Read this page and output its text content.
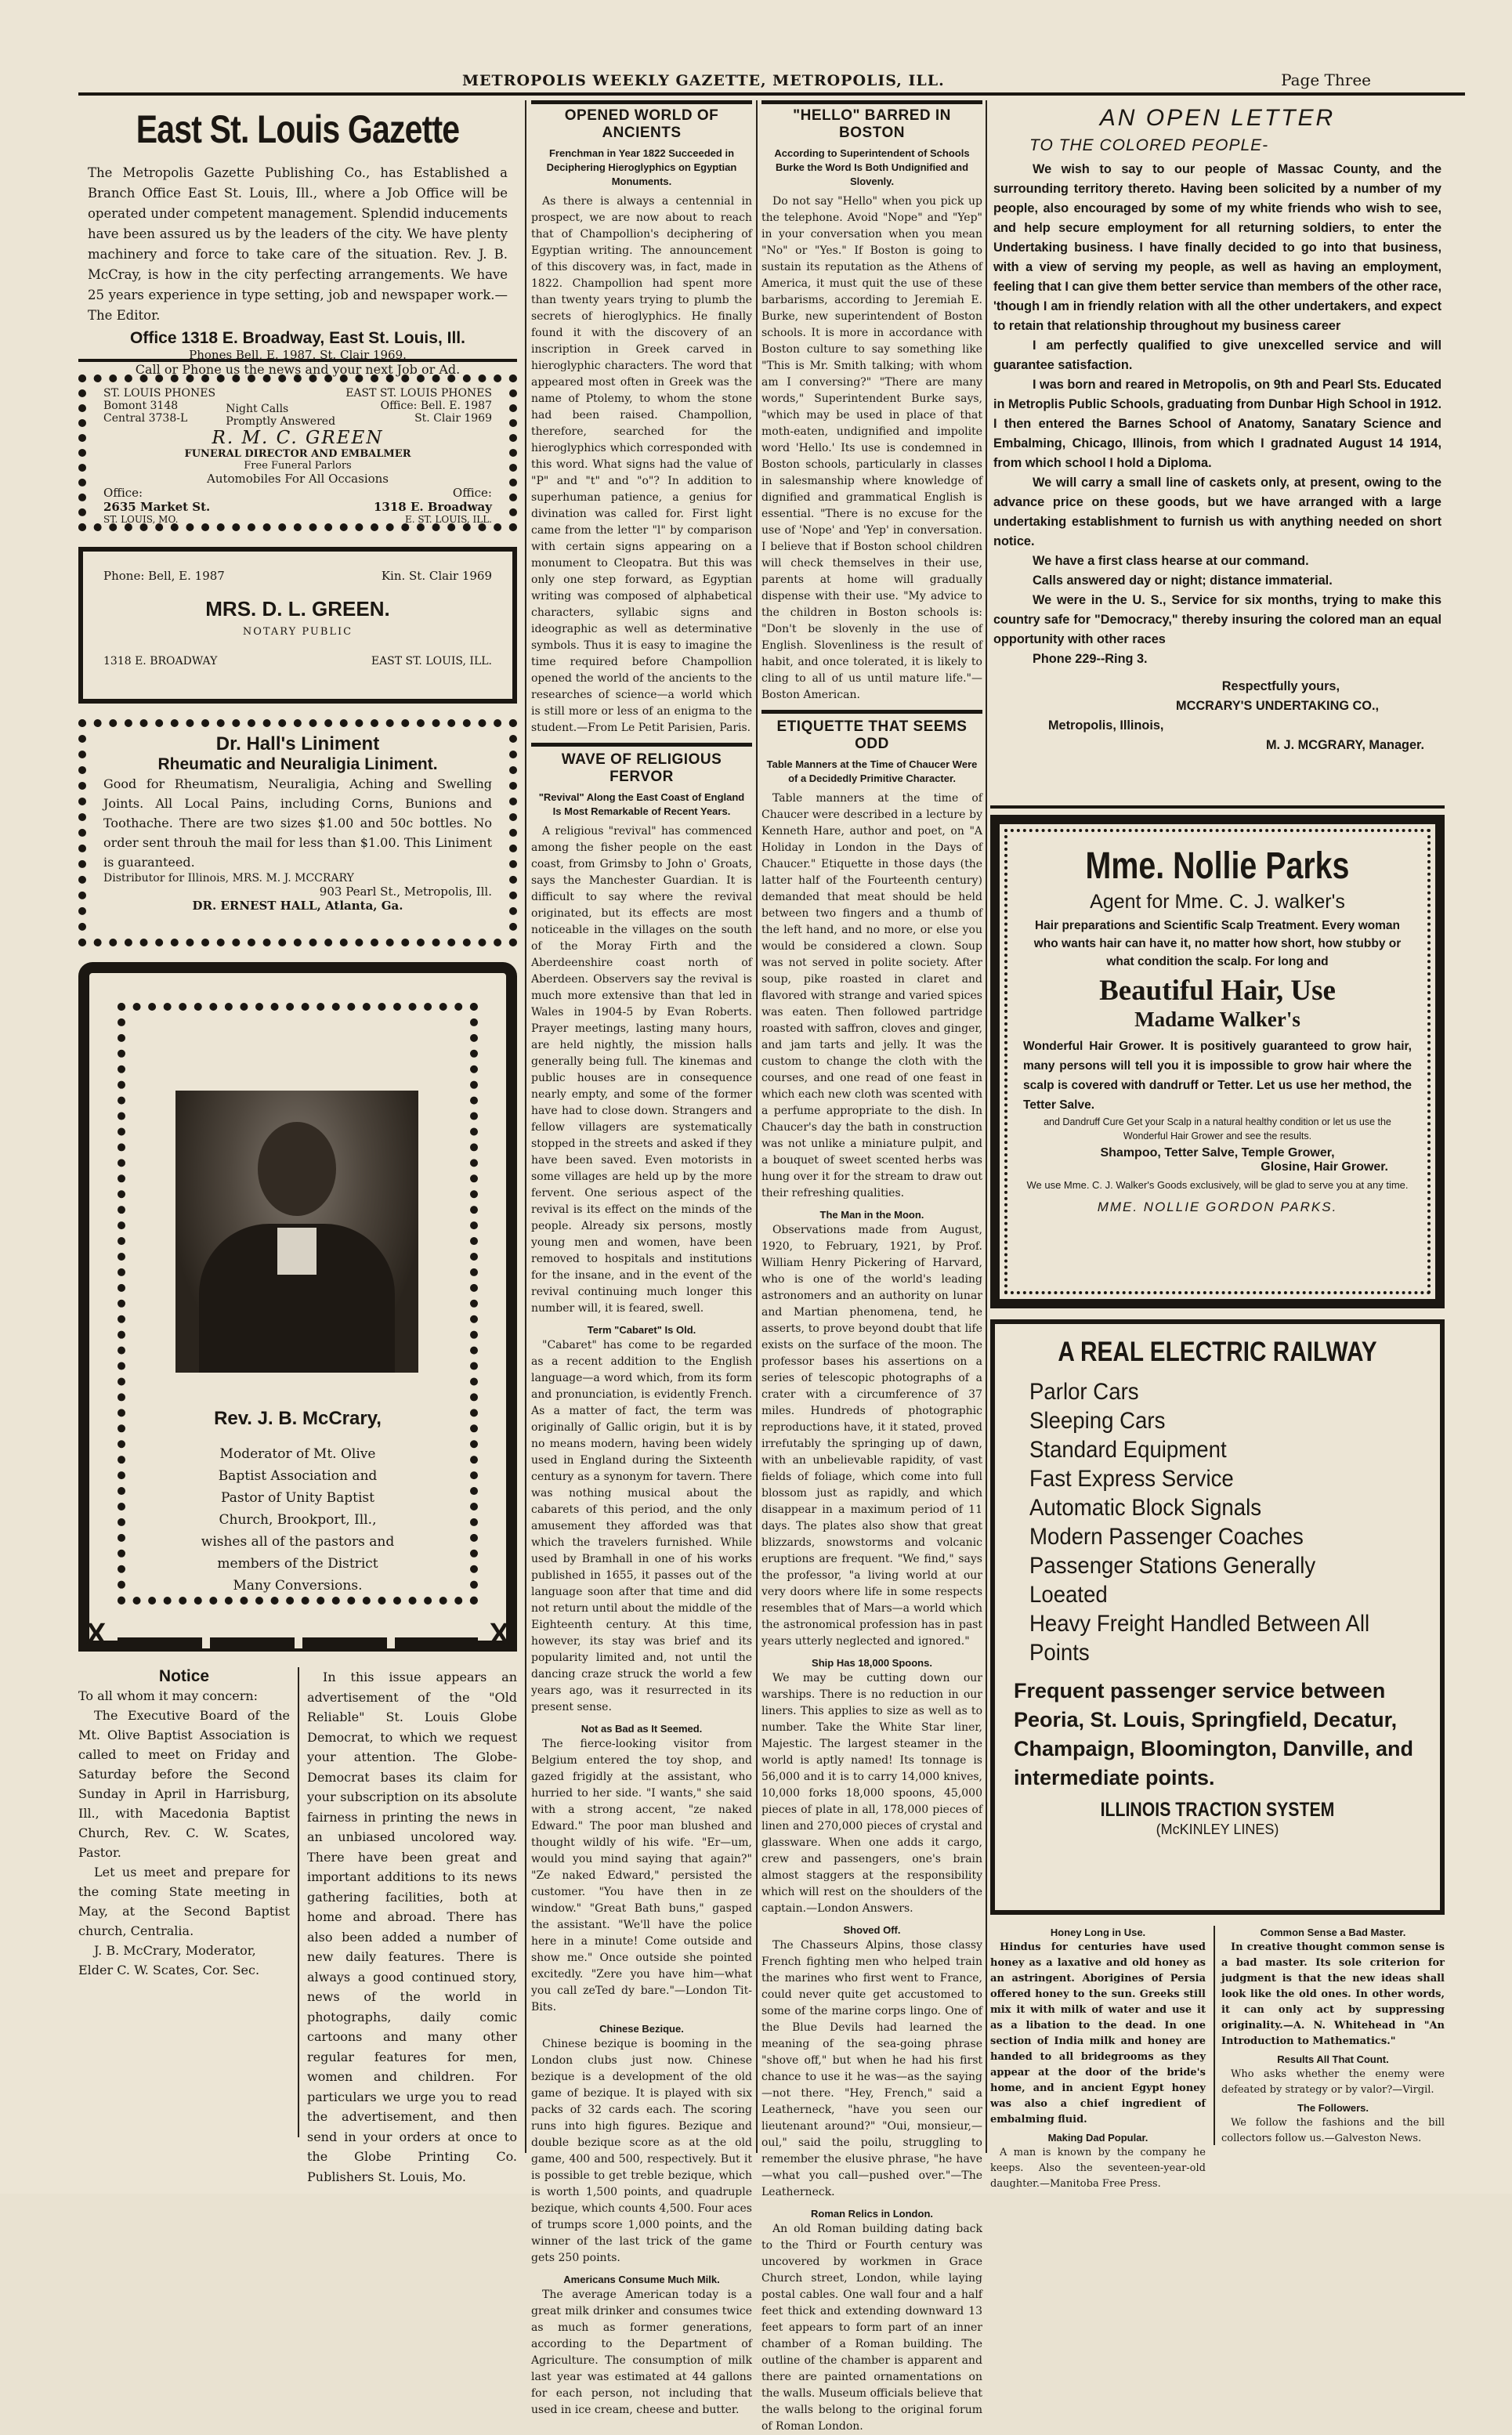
METROPOLIS WEEKLY GAZETTE, METROPOLIS, ILL.	Page Three
East St. Louis Gazette
The Metropolis Gazette Publishing Co., has Established a Branch Office East St. Louis, Ill., where a Job Office will be operated under competent management. Splendid inducements have been assured us by the leaders of the city. We have plenty machinery and force to take care of the situation. Rev. J. B. McCray, is how in the city perfecting arrangements. We have 25 years experience in type setting, job and newspaper work.—The Editor.
Office 1318 E. Broadway, East St. Louis, Ill.
Phones Bell, E. 1987. St. Clair 1969.
Call or Phone us the news and your next Job or Ad.
ST. LOUIS PHONES
Bomont 3148
Central 3738-L
Night Calls
Promptly Answered
EAST ST. LOUIS PHONES
Office: Bell. E. 1987
St. Clair 1969
R. M. C. GREEN
FUNERAL DIRECTOR AND EMBALMER
Free Funeral Parlors
Automobiles For All Occasions
Office:
2635 Market St.
ST. LOUIS, MO.
Office:
1318 E. Broadway
E. ST. LOUIS, ILL.
Phone: Bell, E. 1987	Kin. St. Clair 1969
MRS. D. L. GREEN.
NOTARY PUBLIC
1318 E. BROADWAY	EAST ST. LOUIS, ILL.
Dr. Hall's Liniment
Rheumatic and Neuraligia Liniment.
Good for Rheumatism, Neuraligia, Aching and Swelling Joints. All Local Pains, including Corns, Bunions and Toothache. There are two sizes $1.00 and 50c bottles. No order sent throuh the mail for less than $1.00. This Liniment is guaranteed.
Distributor for Illinois, MRS. M. J. MCCRARY
903 Pearl St., Metropolis, Ill.
DR. ERNEST HALL, Atlanta, Ga.
Rev. J. B. McCrary,
Moderator of Mt. Olive Baptist Association and Pastor of Unity Baptist Church, Brookport, Ill., wishes all of the pastors and members of the District Many Conversions.
X	X
Notice
To all whom it may concern:
The Executive Board of the Mt. Olive Baptist Association is called to meet on Friday and Saturday before the Second Sunday in April in Harrisburg, Ill., with Macedonia Baptist Church, Rev. C. W. Scates, Pastor.
Let us meet and prepare for the coming State meeting in May, at the Second Baptist church, Centralia.
J. B. McCrary, Moderator,
Elder C. W. Scates, Cor. Sec.
In this issue appears an advertisement of the "Old Reliable" St. Louis Globe Democrat, to which we request your attention. The Globe-Democrat bases its claim for your subscription on its absolute fairness in printing the news in an unbiased uncolored way. There have been great and important additions to its news gathering facilities, both at home and abroad. There has also been added a number of new daily features. There is always a good continued story, news of the world in photographs, daily comic cartoons and many other regular features for men, women and children. For particulars we urge you to read the advertisement, and then send in your orders at once to the Globe Printing Co. Publishers St. Louis, Mo.
OPENED WORLD OF ANCIENTS
Frenchman in Year 1822 Succeeded in Deciphering Hieroglyphics on Egyptian Monuments.
As there is always a centennial in prospect, we are now about to reach that of Champollion's deciphering of Egyptian writing. The announcement of this discovery was, in fact, made in 1822. Champollion had spent more than twenty years trying to plumb the secrets of hieroglyphics. He finally found it with the discovery of an inscription in Greek carved in hieroglyphic characters. The word that appeared most often in Greek was the name of Ptolemy, to whom the stone had been raised. Champollion, therefore, searched for the hieroglyphics which corresponded with this word. What signs had the value of "P" and "t" and "o"? In addition to superhuman patience, a genius for divination was called for. First light came from the letter "l" by comparison with certain signs appearing on a monument to Cleopatra. But this was only one step forward, as Egyptian writing was composed of alphabetical characters, syllabic signs and ideographic as well as determinative symbols. Thus it is easy to imagine the time required before Champollion opened the world of the ancients to the researches of science—a world which is still more or less of an enigma to the student.—From Le Petit Parisien, Paris.
WAVE OF RELIGIOUS FERVOR
"Revival" Along the East Coast of England Is Most Remarkable of Recent Years.
A religious "revival" has commenced among the fisher people on the east coast, from Grimsby to John o' Groats, says the Manchester Guardian. It is difficult to say where the revival originated, but its effects are most noticeable in the villages on the south of the Moray Firth and the Aberdeenshire coast north of Aberdeen. Observers say the revival is much more extensive than that led in Wales in 1904-5 by Evan Roberts. Prayer meetings, lasting many hours, are held nightly, the mission halls generally being full. The kinemas and public houses are in consequence nearly empty, and some of the former have had to close down. Strangers and fellow villagers are systematically stopped in the streets and asked if they have been saved. Even motorists in some villages are held up by the more fervent. One serious aspect of the revival is its effect on the minds of the people. Already six persons, mostly young men and women, have been removed to hospitals and institutions for the insane, and in the event of the revival continuing much longer this number will, it is feared, swell.
Term "Cabaret" Is Old.
"Cabaret" has come to be regarded as a recent addition to the English language—a word which, from its form and pronunciation, is evidently French. As a matter of fact, the term was originally of Gallic origin, but it is by no means modern, having been widely used in England during the Sixteenth century as a synonym for tavern. There was nothing musical about the cabarets of this period, and the only amusement they afforded was that which the travelers furnished. While used by Bramhall in one of his works published in 1655, it passes out of the language soon after that time and did not return until about the middle of the Eighteenth century. At this time, however, its stay was brief and its popularity limited and, not until the dancing craze struck the world a few years ago, was it resurrected in its present sense.
Not as Bad as It Seemed.
The fierce-looking visitor from Belgium entered the toy shop, and gazed frigidly at the assistant, who hurried to her side. "I wants," she said with a strong accent, "ze naked Edward." The poor man blushed and thought wildly of his wife. "Er—um, would you mind saying that again?" "Ze naked Edward," persisted the customer. "You have then in ze window." "Great Bath buns," gasped the assistant. "We'll have the police here in a minute! Come outside and show me." Once outside she pointed excitedly. "Zere you have him—what you call zeTed dy bare."—London Tit-Bits.
Chinese Bezique.
Chinese bezique is booming in the London clubs just now. Chinese bezique is a development of the old game of bezique. It is played with six packs of 32 cards each. The scoring runs into high figures. Bezique and double bezique score as at the old game, 400 and 500, respectively. But it is possible to get treble bezique, which is worth 1,500 points, and quadruple bezique, which counts 4,500. Four aces of trumps score 1,000 points, and the winner of the last trick of the game gets 250 points.
Americans Consume Much Milk.
The average American today is a great milk drinker and consumes twice as much as former generations, according to the Department of Agriculture. The consumption of milk last year was estimated at 44 gallons for each person, not including that used in ice cream, cheese and butter.
"HELLO" BARRED IN BOSTON
According to Superintendent of Schools Burke the Word Is Both Undignified and Slovenly.
Do not say "Hello" when you pick up the telephone. Avoid "Nope" and "Yep" in your conversation when you mean "No" or "Yes." If Boston is going to sustain its reputation as the Athens of America, it must quit the use of these barbarisms, according to Jeremiah E. Burke, new superintendent of Boston schools. It is more in accordance with Boston culture to say something like "This is Mr. Smith talking; with whom am I conversing?" "There are many words," Superintendent Burke says, "which may be used in place of that moth-eaten, undignified and impolite word 'Hello.' Its use is condemned in Boston schools, particularly in classes in salesmanship where knowledge of dignified and grammatical English is essential. "There is no excuse for the use of 'Nope' and 'Yep' in conversation. I believe that if Boston school children will check themselves in their use, parents at home will gradually dispense with their use. "My advice to the children in Boston schools is: "Don't be slovenly in the use of English. Slovenliness is the result of habit, and once tolerated, it is likely to cling to all of us until mature life."—Boston American.
ETIQUETTE THAT SEEMS ODD
Table Manners at the Time of Chaucer Were of a Decidedly Primitive Character.
Table manners at the time of Chaucer were described in a lecture by Kenneth Hare, author and poet, on "A Holiday in London in the Days of Chaucer." Etiquette in those days (the latter half of the Fourteenth century) demanded that meat should be held between two fingers and a thumb of the left hand, and no more, or else you would be considered a clown. Soup was not served in polite society. After soup, pike roasted in claret and flavored with strange and varied spices was eaten. Then followed partridge roasted with saffron, cloves and ginger, and jam tarts and jelly. It was the custom to change the cloth with the courses, and one read of one feast in which each new cloth was scented with a perfume appropriate to the dish. In Chaucer's day the bath in construction was not unlike a miniature pulpit, and a bouquet of sweet scented herbs was hung over it for the stream to draw out their refreshing qualities.
The Man in the Moon.
Observations made from August, 1920, to February, 1921, by Prof. William Henry Pickering of Harvard, who is one of the world's leading astronomers and an authority on lunar and Martian phenomena, tend, he asserts, to prove beyond doubt that life exists on the surface of the moon. The professor bases his assertions on a series of telescopic photographs of a crater with a circumference of 37 miles. Hundreds of photographic reproductions have, it it stated, proved irrefutably the springing up of dawn, with an unbelievable rapidity, of vast fields of foliage, which come into full blossom just as rapidly, and which disappear in a maximum period of 11 days. The plates also show that great blizzards, snowstorms and volcanic eruptions are frequent. "We find," says the professor, "a living world at our very doors where life in some respects resembles that of Mars—a world which the astronomical profession has in past years utterly neglected and ignored."
Ship Has 18,000 Spoons.
We may be cutting down our warships. There is no reduction in our liners. This applies to size as well as to number. Take the White Star liner, Majestic. The largest steamer in the world is aptly named! Its tonnage is 56,000 and it is to carry 14,000 knives, 10,000 forks 18,000 spoons, 45,000 pieces of plate in all, 178,000 pieces of linen and 270,000 pieces of crystal and glassware. When one adds it cargo, crew and passengers, one's brain almost staggers at the responsibility which will rest on the shoulders of the captain.—London Answers.
Shoved Off.
The Chasseurs Alpins, those classy French fighting men who helped train the marines who first went to France, could never quite get accustomed to some of the marine corps lingo. One of the Blue Devils had learned the meaning of the sea-going phrase "shove off," but when he had his first chance to use it he was—as the saying—not there. "Hey, French," said a Leatherneck, "have you seen our lieutenant around?" "Oui, monsieur,—oul," said the poilu, struggling to remember the elusive phrase, "he have—what you call—pushed over."—The Leatherneck.
Roman Relics in London.
An old Roman building dating back to the Third or Fourth century was uncovered by workmen in Grace Church street, London, while laying postal cables. One wall four and a half feet thick and extending downward 13 feet appears to form part of an inner chamber of a Roman building. The outline of the chamber is apparent and there are painted ornamentations on the walls. Museum officials believe that the walls belong to the original forum of Roman London.
AN OPEN LETTER
TO THE COLORED PEOPLE-
We wish to say to our people of Massac County, and the surrounding territory thereto. Having been solicited by a number of my people, also encouraged by some of my white friends who wish to see, and help secure employment for all returning soldiers, to enter the Undertaking business. I have finally decided to go into that business, with a view of serving my people, as well as having an employment, feeling that I can give them better service than members of the other race, 'though I am in friendly relation with all the other undertakers, and expect to retain that relationship throughout my business career
I am perfectly qualified to give unexcelled service and will guarantee satisfaction.
I was born and reared in Metropolis, on 9th and Pearl Sts. Educated in Metroplis Public Schools, graduating from Dunbar High School in 1912. I then entered the Barnes School of Anatomy, Sanatary Science and Embalming, Chicago, Illinois, from which I gradnated August 14 1914, from which school I hold a Diploma.
We will carry a small line of caskets only, at present, owing to the advance price on these goods, but we have arranged with a large undertaking establishment to furnish us with anything needed on short notice.
We have a first class hearse at our command.
Calls answered day or night; distance immaterial.
We were in the U. S., Service for six months, trying to make this country safe for "Democracy," thereby insuring the colored man an equal opportunity with other races
Phone 229--Ring 3.
Respectfully yours,
MCCRARY'S UNDERTAKING CO.,
Metropolis, Illinois,
M. J. MCGRARY, Manager.
Mme. Nollie Parks
Agent for Mme. C. J. walker's
Hair preparations and Scientific Scalp Treatment. Every woman who wants hair can have it, no matter how short, how stubby or what condition the scalp. For long and
Beautiful Hair, Use
Madame Walker's
Wonderful Hair Grower. It is positively guaranteed to grow hair, many persons will tell you it is impossible to grow hair where the scalp is covered with dandruff or Tetter. Let us use her method, the Tetter Salve.
and Dandruff Cure Get your Scalp in a natural healthy condition or let us use the Wonderful Hair Grower and see the results.
Shampoo, Tetter Salve, Temple Grower,
Glosine, Hair Grower.
We use Mme. C. J. Walker's Goods exclusively, will be glad to serve you at any time.
MME. NOLLIE GORDON PARKS.
A REAL ELECTRIC RAILWAY
Parlor Cars
Sleeping Cars
Standard Equipment
Fast Express Service
Automatic Block Signals
Modern Passenger Coaches
Passenger Stations Generally Loeated
Heavy Freight Handled Between All Points
Frequent passenger service between Peoria, St. Louis, Springfield, Decatur, Champaign, Bloomington, Danville, and intermediate points.
ILLINOIS TRACTION SYSTEM
(McKINLEY LINES)
Honey Long in Use.
Hindus for centuries have used honey as a laxative and old honey as an astringent. Aborigines of Persia offered honey to the sun. Greeks still mix it with milk of water and use it as a libation to the dead. In one section of India milk and honey are handed to all bridegrooms as they appear at the door of the bride's home, and in ancient Egypt honey was also a chief ingredient of embalming fluid.
Making Dad Popular.
A man is known by the company he keeps. Also the seventeen-year-old daughter.—Manitoba Free Press.
Common Sense a Bad Master.
In creative thought common sense is a bad master. Its sole criterion for judgment is that the new ideas shall look like the old ones. In other words, it can only act by suppressing originality.—A. N. Whitehead in "An Introduction to Mathematics."
Results All That Count.
Who asks whether the enemy were defeated by strategy or by valor?—Virgil.
The Followers.
We follow the fashions and the bill collectors follow us.—Galveston News.
